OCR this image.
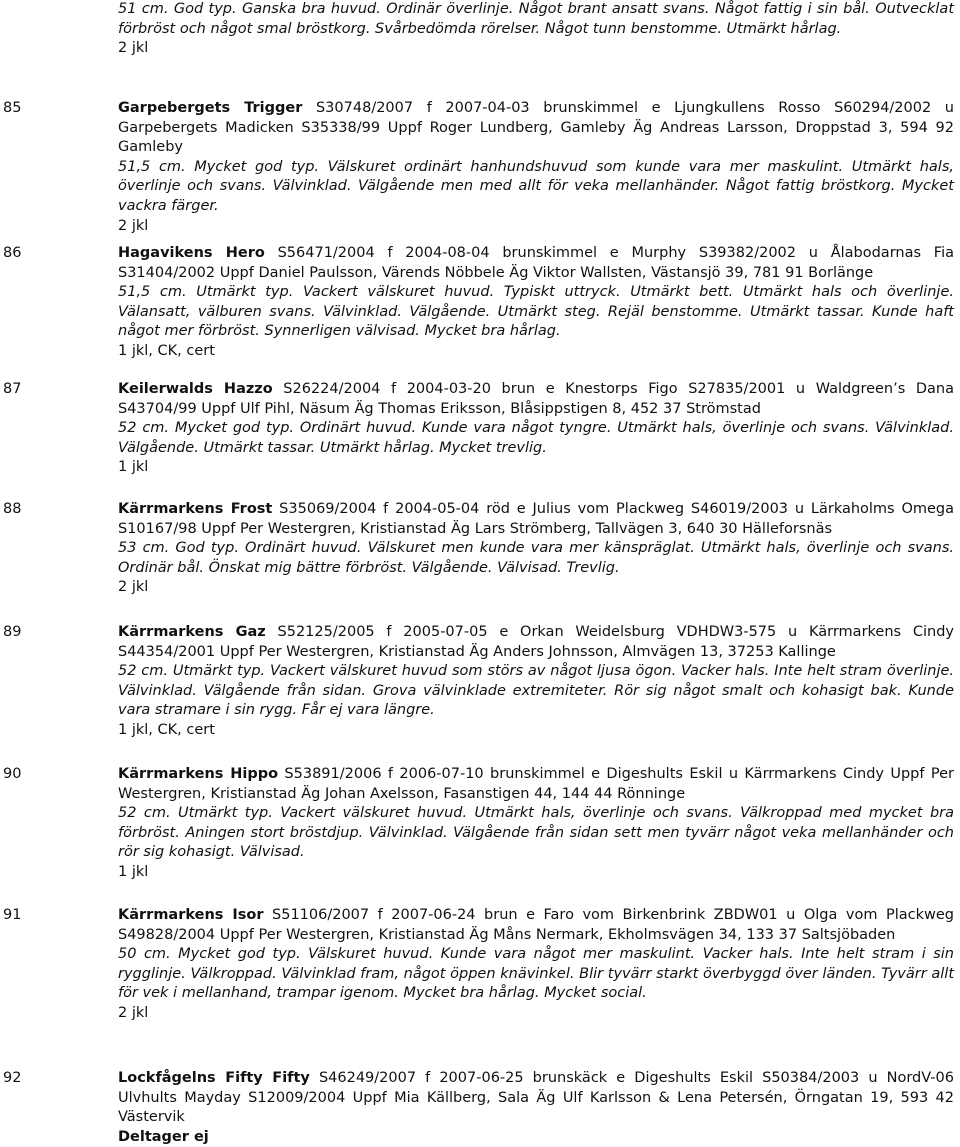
51 cm. God typ. Ganska bra huvud. Ordinär överlinje. Något brant ansatt svans. Något fattig i sin bål. Outvecklat förbröst och något smal bröstkorg. Svårbedömda rörelser. Något tunn benstomme. Utmärkt hårlag.
2 jkl
85	Garpebergets Trigger S30748/2007 f 2007-04-03 brunskimmel e Ljungkullens Rosso S60294/2002 u Garpebergets Madicken S35338/99 Uppf Roger Lundberg, Gamleby Äg Andreas Larsson, Droppstad 3, 594 92 Gamleby
51,5 cm. Mycket god typ. Välskuret ordinärt hanhundshuvud som kunde vara mer maskulint. Utmärkt hals, överlinje och svans. Välvinklad. Välgående men med allt för veka mellanhänder. Något fattig bröstkorg. Mycket vackra färger.
2 jkl
86	Hagavikens Hero S56471/2004 f 2004-08-04 brunskimmel e Murphy S39382/2002 u Ålabodarnas Fia S31404/2002 Uppf Daniel Paulsson, Värends Nöbbele Äg Viktor Wallsten, Västansjö 39, 781 91 Borlänge
51,5 cm. Utmärkt typ. Vackert välskuret huvud. Typiskt uttryck. Utmärkt bett. Utmärkt hals och överlinje. Välansatt, välburen svans. Välvinklad. Välgående. Utmärkt steg. Rejäl benstomme. Utmärkt tassar. Kunde haft något mer förbröst. Synnerligen välvisad. Mycket bra hårlag.
1 jkl, CK, cert
87	Keilerwalds Hazzo S26224/2004 f 2004-03-20 brun e Knestorps Figo S27835/2001 u Waldgreen’s Dana S43704/99 Uppf Ulf Pihl, Näsum Äg Thomas Eriksson, Blåsippstigen 8, 452 37 Strömstad
52 cm. Mycket god typ. Ordinärt huvud. Kunde vara något tyngre. Utmärkt hals, överlinje och svans. Välvinklad. Välgående. Utmärkt tassar. Utmärkt hårlag. Mycket trevlig.
1 jkl
88	Kärrmarkens Frost S35069/2004 f 2004-05-04 röd e Julius vom Plackweg S46019/2003 u Lärkaholms Omega S10167/98 Uppf Per Westergren, Kristianstad Äg Lars Strömberg, Tallvägen 3, 640 30 Hälleforsnäs
53 cm. God typ. Ordinärt huvud. Välskuret men kunde vara mer känspräglat. Utmärkt hals, överlinje och svans. Ordinär bål. Önskat mig bättre förbröst. Välgående. Välvisad. Trevlig.
2 jkl
89	Kärrmarkens Gaz S52125/2005 f 2005-07-05 e Orkan Weidelsburg VDHDW3-575 u Kärrmarkens Cindy S44354/2001 Uppf Per Westergren, Kristianstad Äg Anders Johnsson, Almvägen 13, 37253 Kallinge
52 cm. Utmärkt typ. Vackert välskuret huvud som störs av något ljusa ögon. Vacker hals. Inte helt stram överlinje. Välvinklad. Välgående från sidan. Grova välvinklade extremiteter. Rör sig något smalt och kohasigt bak. Kunde vara stramare i sin rygg. Får ej vara längre.
1 jkl, CK, cert
90	Kärrmarkens Hippo S53891/2006 f 2006-07-10 brunskimmel e Digeshults Eskil u Kärrmarkens Cindy Uppf Per Westergren, Kristianstad Äg Johan Axelsson, Fasanstigen 44, 144 44 Rönninge
52 cm. Utmärkt typ. Vackert välskuret huvud. Utmärkt hals, överlinje och svans. Välkroppad med mycket bra förbröst. Aningen stort bröstdjup. Välvinklad. Välgående från sidan sett men tyvärr något veka mellanhänder och rör sig kohasigt. Välvisad.
1 jkl
91	Kärrmarkens Isor S51106/2007 f 2007-06-24 brun e Faro vom Birkenbrink ZBDW01 u Olga vom Plackweg S49828/2004 Uppf Per Westergren, Kristianstad Äg Måns Nermark, Ekholmsvägen 34, 133 37 Saltsjöbaden
50 cm. Mycket god typ. Välskuret huvud. Kunde vara något mer maskulint. Vacker hals. Inte helt stram i sin rygglinje. Välkroppad. Välvinklad fram, något öppen knävinkel. Blir tyvärr starkt överbyggd över länden. Tyvärr allt för vek i mellanhand, trampar igenom. Mycket bra hårlag. Mycket social.
2 jkl
92	Lockfågelns Fifty Fifty S46249/2007 f 2007-06-25 brunskäck e Digeshults Eskil S50384/2003 u NordV-06 Ulvhults Mayday S12009/2004 Uppf Mia Källberg, Sala Äg Ulf Karlsson & Lena Petersén, Örngatan 19, 593 42 Västervik
Deltager ej
